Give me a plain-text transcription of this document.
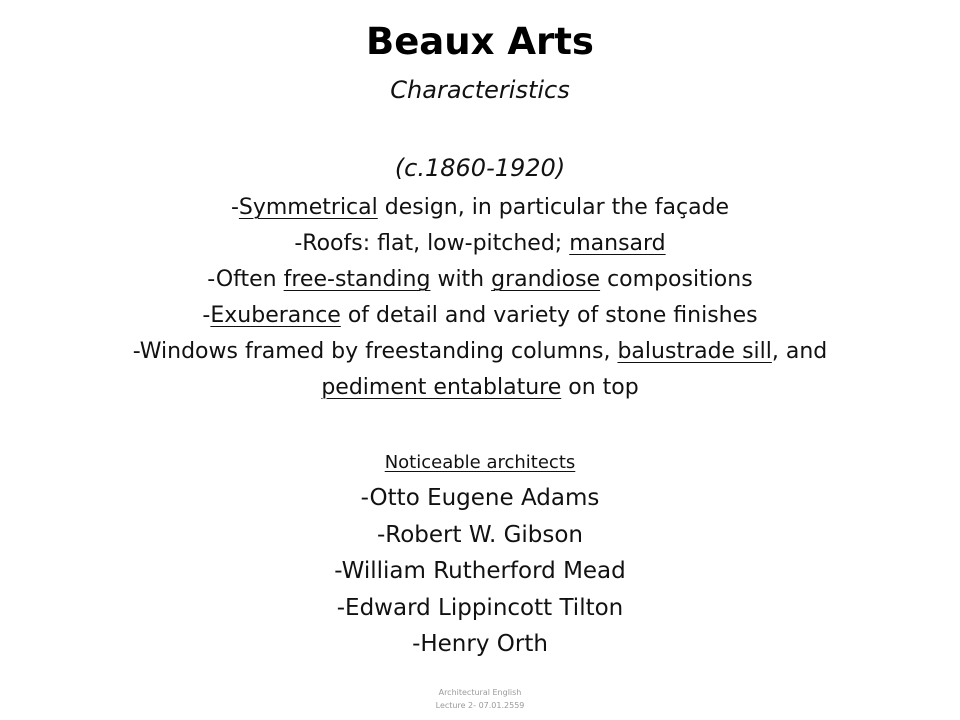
Beaux Arts
Characteristics
(c.1860-1920)
-Symmetrical design, in particular the façade
-Roofs: flat, low-pitched; mansard
-Often free-standing with grandiose compositions
-Exuberance of detail and variety of stone finishes
-Windows framed by freestanding columns, balustrade sill, and
pediment entablature on top
Noticeable architects
-Otto Eugene Adams
-Robert W. Gibson
-William Rutherford Mead
-Edward Lippincott Tilton
-Henry Orth
Architectural English
Lecture 2- 07.01.2559
